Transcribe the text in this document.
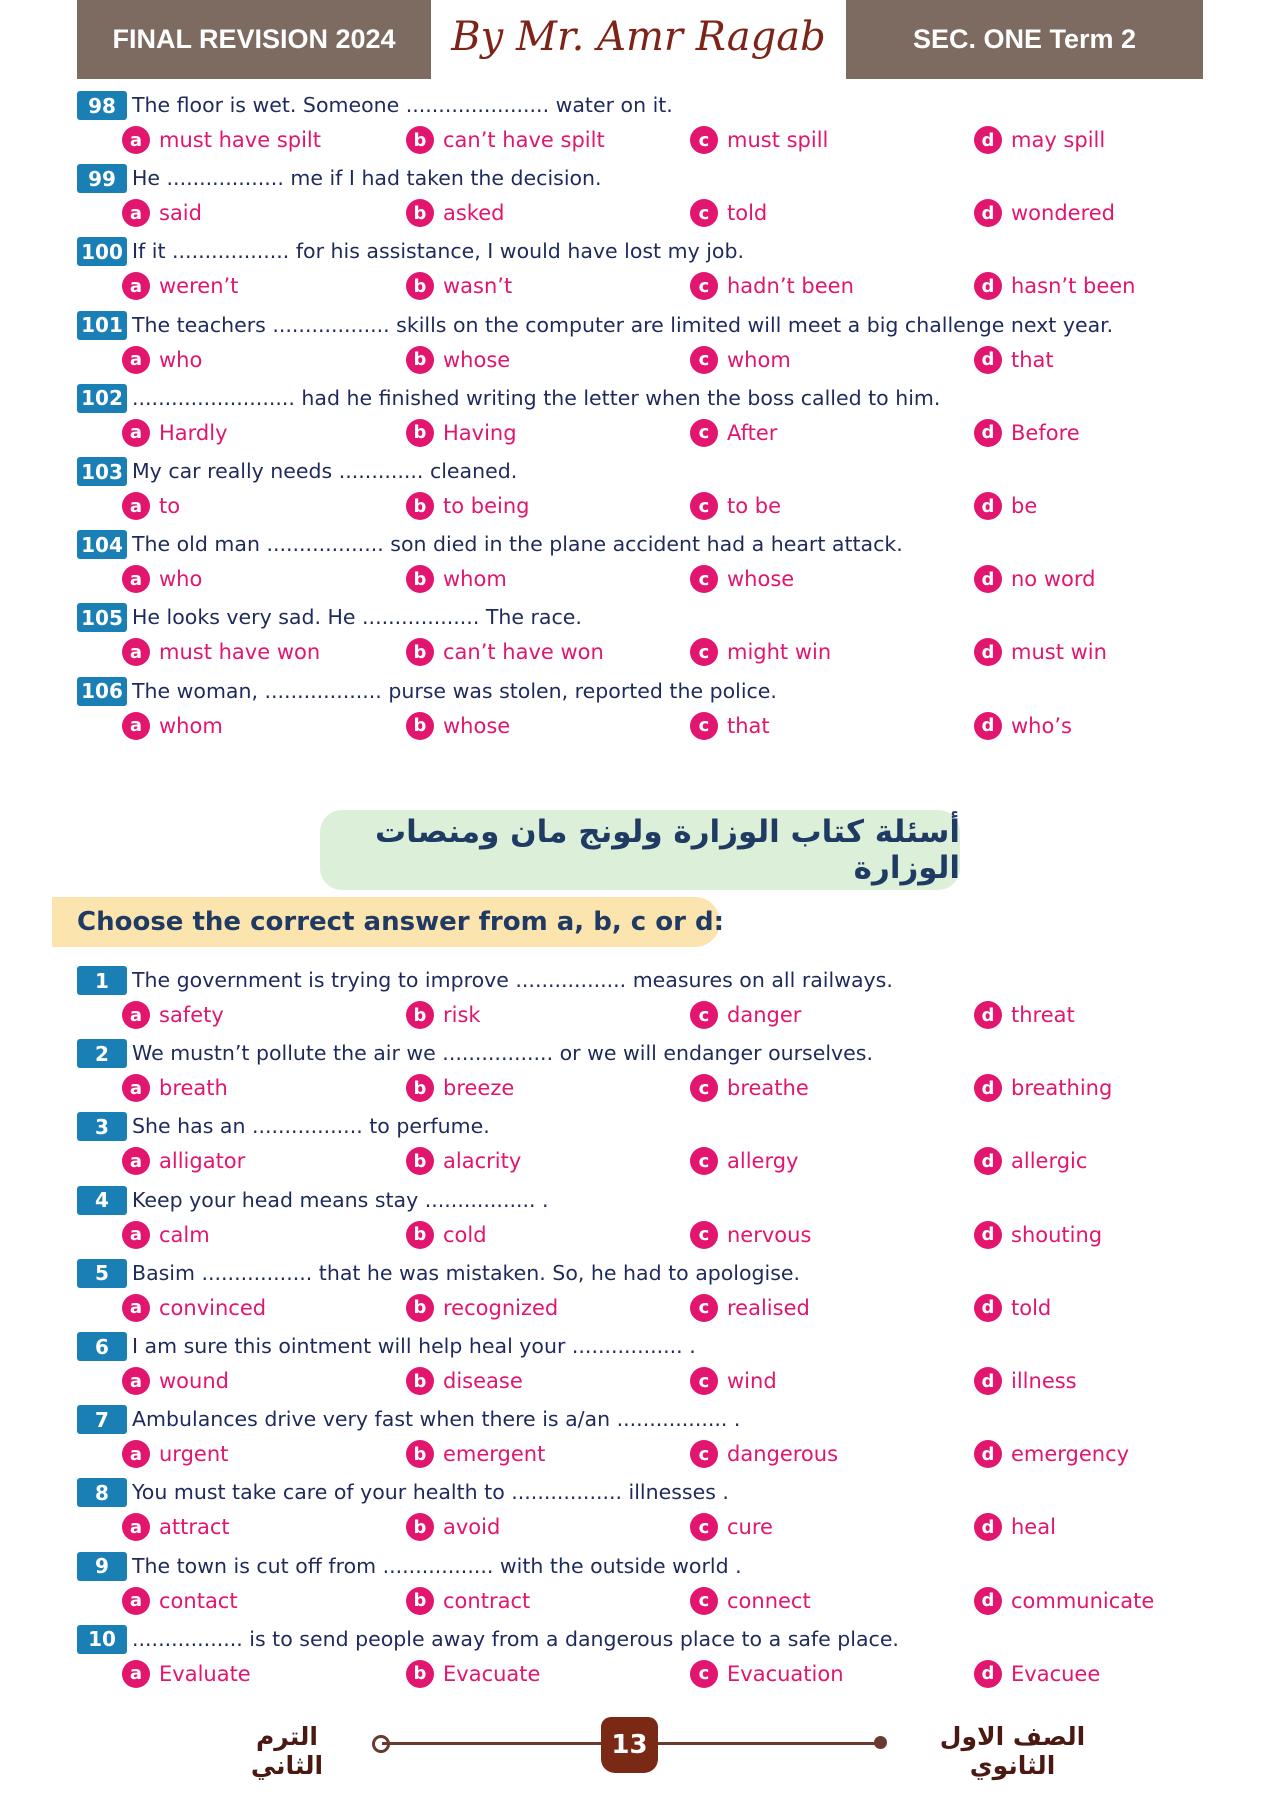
FINAL REVISION 2024	By Mr. Amr Ragab	SEC. ONE Term 2
98 The floor is wet. Someone ...................... water on it.
a must have spilt	b can’t have spilt	c must spill	d may spill
99 He .................. me if I had taken the decision.
a said	b asked	c told	d wondered
100 If it .................. for his assistance, I would have lost my job.
a weren’t	b wasn’t	c hadn’t been	d hasn’t been
101 The teachers .................. skills on the computer are limited will meet a big challenge next year.
a who	b whose	c whom	d that
102 ......................... had he finished writing the letter when the boss called to him.
a Hardly	b Having	c After	d Before
103 My car really needs ............. cleaned.
a to	b to being	c to be	d be
104 The old man .................. son died in the plane accident had a heart attack.
a who	b whom	c whose	d no word
105 He looks very sad. He .................. The race.
a must have won	b can’t have won	c might win	d must win
106 The woman, .................. purse was stolen, reported the police.
a whom	b whose	c that	d who’s
أسئلة كتاب الوزارة ولونج مان ومنصات الوزارة
Choose the correct answer from a, b, c or d:
1	The government is trying to improve ................. measures on all railways.
a safety	b risk	c danger	d threat
2	We mustn’t pollute the air we ................. or we will endanger ourselves.
a breath	b breeze	c breathe	d breathing
3	She has an ................. to perfume.
a alligator	b alacrity	c allergy	d allergic
4	Keep your head means stay ................. .
a calm	b cold	c nervous	d shouting
5	Basim ................. that he was mistaken. So, he had to apologise.
a convinced	b recognized	c realised	d told
6	I am sure this ointment will help heal your ................. .
a wound	b disease	c wind	d illness
7	Ambulances drive very fast when there is a/an ................. .
a urgent	b emergent	c dangerous	d emergency
8	You must take care of your health to ................. illnesses .
a attract	b avoid	c cure	d heal
9	The town is cut off from ................. with the outside world .
a contact	b contract	c connect	d communicate
10 ................. is to send people away from a dangerous place to a safe place.
a Evaluate	b Evacuate	c Evacuation	d Evacuee
الصف الاول الثانوي
13
الترم الثاني
